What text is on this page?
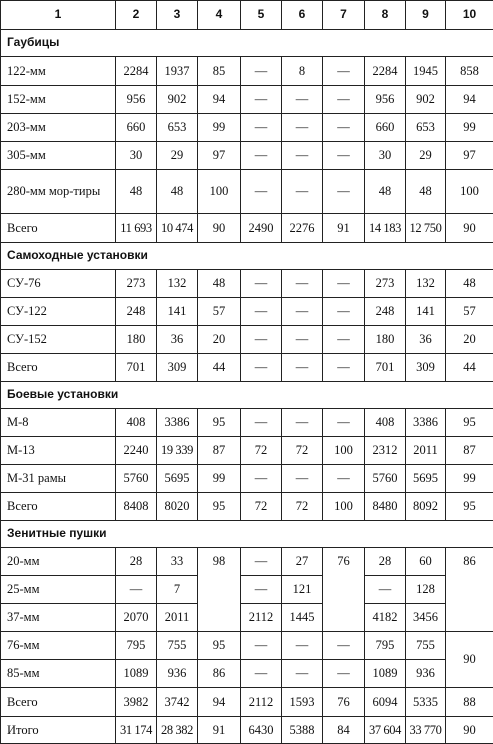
1	2	3	4	5	6	7	8	9	10
Гаубицы									
122-мм	2284	1937	85	—	8	—	2284	1945	858
152-мм	956	902	94	—	—	—	956	902	94
203-мм	660	653	99	—	—	—	660	653	99
305-мм	30	29	97	—	—	—	30	29	97
280-мм мор-тиры	48	48	100	—	—	—	48	48	100
Всего	11 693	10 474	90	2490	2276	91	14 183	12 750	90
Самоходные установки									
СУ-76	273	132	48	—	—	—	273	132	48
СУ-122	248	141	57	—	—	—	248	141	57
СУ-152	180	36	20	—	—	—	180	36	20
Всего	701	309	44	—	—	—	701	309	44
Боевые установки									
М-8	408	3386	95	—	—	—	408	3386	95
М-13	2240	19 339	87	72	72	100	2312	2011	87
М-31 рамы	5760	5695	99	—	—	—	5760	5695	99
Всего	8408	8020	95	72	72	100	8480	8092	95
Зенитные пушки									
20-мм	28	33	98	—	27	76	28	60	86
25-мм	—	7		—	121		—	128	
37-мм	2070	2011		2112	1445		4182	3456	
76-мм	795	755	95	—	—	—	795	755	90
85-мм	1089	936	86	—	—	—	1089	936	
Всего	3982	3742	94	2112	1593	76	6094	5335	88
Итого	31 174	28 382	91	6430	5388	84	37 604	33 770	90
